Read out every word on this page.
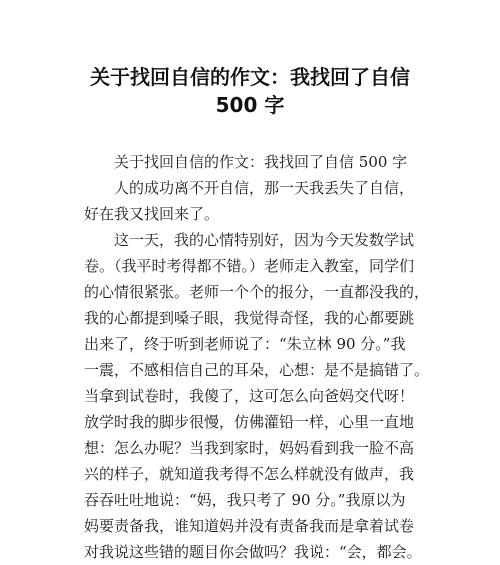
关于找回自信的作文：我找回了自信
500 字

　　关于找回自信的作文：我找回了自信 500 字

　　人的成功离不开自信，那一天我丢失了自信，

好在我又找回来了。

　　这一天，我的心情特别好，因为今天发数学试

卷。（我平时考得都不错。）老师走入教室，同学们

的心情很紧张。老师一个个的报分，一直都没我的，

我的心都提到嗓子眼，我觉得奇怪，我的心都要跳

出来了，终于听到老师说了：“朱立林 90 分。”我

一震，不感相信自己的耳朵，心想：是不是搞错了。

当拿到试卷时，我傻了，这可怎么向爸妈交代呀！

放学时我的脚步很慢，仿佛灌铅一样，心里一直地

想：怎么办呢？当我到家时，妈妈看到我一脸不高

兴的样子，就知道我考得不怎么样就没有做声，我

吞吞吐吐地说：“妈，我只考了 90 分。”我原以为

妈要责备我，谁知道妈并没有责备我而是拿着试卷

对我说这些错的题目你会做吗？我说：“会，都会。
